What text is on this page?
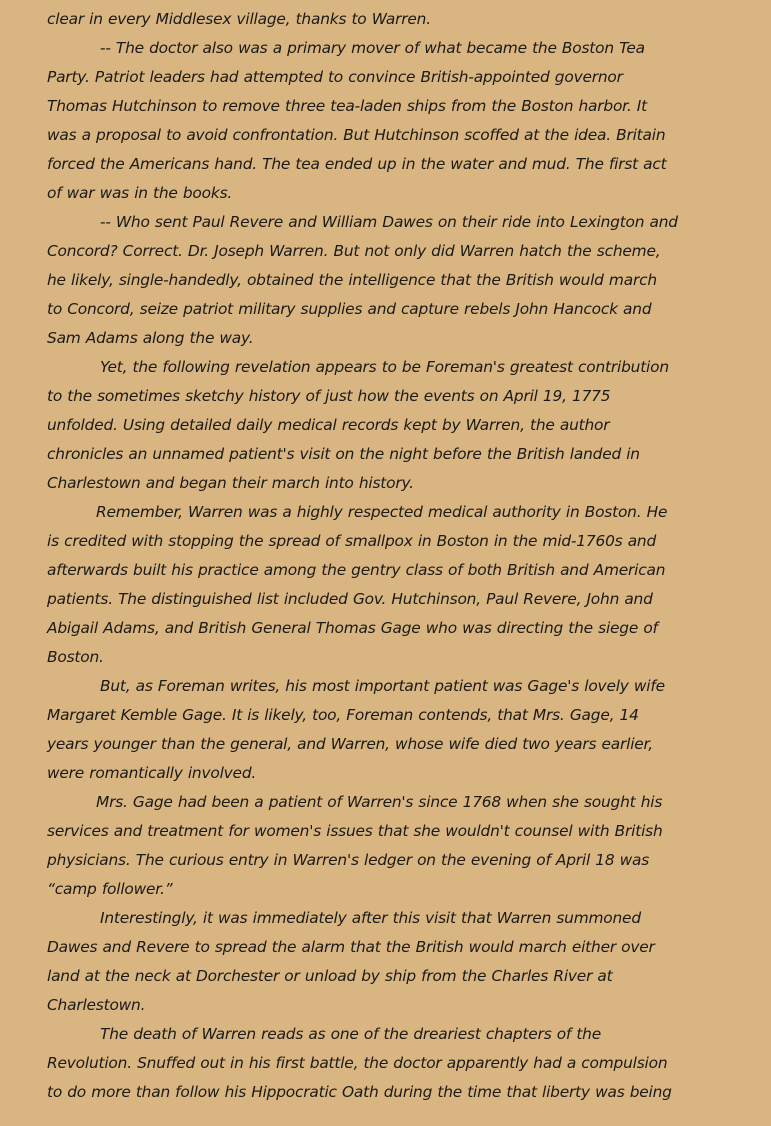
clear in every Middlesex village, thanks to Warren.
-- The doctor also was a primary mover of what became the Boston Tea
Party. Patriot leaders had attempted to convince British-appointed governor
Thomas Hutchinson to remove three tea-laden ships from the Boston harbor. It
was a proposal to avoid confrontation. But Hutchinson scoffed at the idea. Britain
forced the Americans hand. The tea ended up in the water and mud. The first act
of war was in the books.
-- Who sent Paul Revere and William Dawes on their ride into Lexington and
Concord? Correct. Dr. Joseph Warren. But not only did Warren hatch the scheme,
he likely, single-handedly, obtained the intelligence that the British would march
to Concord, seize patriot military supplies and capture rebels John Hancock and
Sam Adams along the way.
Yet, the following revelation appears to be Foreman's greatest contribution
to the sometimes sketchy history of just how the events on April 19, 1775
unfolded. Using detailed daily medical records kept by Warren, the author
chronicles an unnamed patient's visit on the night before the British landed in
Charlestown and began their march into history.
Remember, Warren was a highly respected medical authority in Boston. He
is credited with stopping the spread of smallpox in Boston in the mid-1760s and
afterwards built his practice among the gentry class of both British and American
patients. The distinguished list included Gov. Hutchinson, Paul Revere, John and
Abigail Adams, and British General Thomas Gage who was directing the siege of
Boston.
But, as Foreman writes, his most important patient was Gage's lovely wife
Margaret Kemble Gage. It is likely, too, Foreman contends, that Mrs. Gage, 14
years younger than the general, and Warren, whose wife died two years earlier,
were romantically involved.
Mrs. Gage had been a patient of Warren's since 1768 when she sought his
services and treatment for women's issues that she wouldn't counsel with British
physicians. The curious entry in Warren's ledger on the evening of April 18 was
“camp follower.”
Interestingly, it was immediately after this visit that Warren summoned
Dawes and Revere to spread the alarm that the British would march either over
land at the neck at Dorchester or unload by ship from the Charles River at
Charlestown.
The death of Warren reads as one of the dreariest chapters of the
Revolution. Snuffed out in his first battle, the doctor apparently had a compulsion
to do more than follow his Hippocratic Oath during the time that liberty was being
